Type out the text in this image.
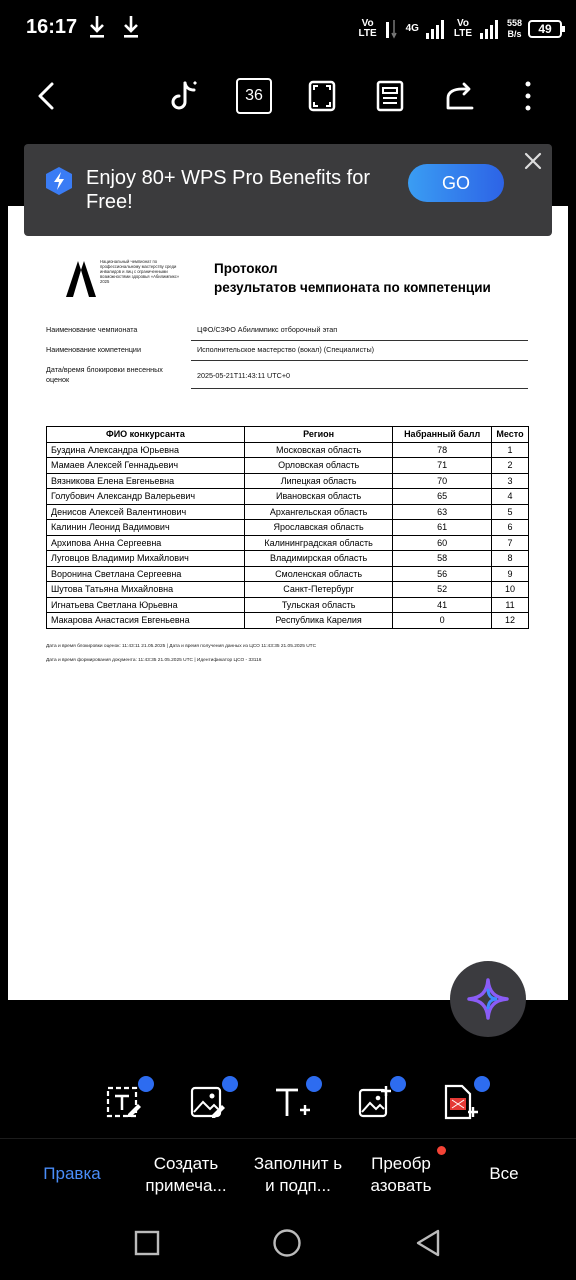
16:17	Vo LTE	4G	Vo LTE
558
B/s	49
36
Национальный чемпионат по профессиональному мастерству среди инвалидов и лиц с ограниченными возможностями здоровья «Абилимпикс» 2025
Протокол
результатов чемпионата по компетенции
Наименование чемпионата	ЦФО/СЗФО Абилимпикс отборочный этап
Наименование компетенции	Исполнительское мастерство (вокал) (Специалисты)
Дата/время блокировки внесенных оценок	2025-05-21T11:43:11 UTC+0
ФИО конкурсанта	Регион	Набранный балл	Место
Буздина Александра Юрьевна	Московская область	78	1
Мамаев Алексей Геннадьевич	Орловская область	71	2
Вязникова Елена Евгеньевна	Липецкая область	70	3
Голубович Александр Валерьевич	Ивановская область	65	4
Денисов Алексей Валентинович	Архангельская область	63	5
Калинин Леонид Вадимович	Ярославская область	61	6
Архипова Анна Сергеевна	Калининградская область	60	7
Луговцов Владимир Михайлович	Владимирская область	58	8
Воронина Светлана Сергеевна	Смоленская область	56	9
Шутова Татьяна Михайловна	Санкт-Петербург	52	10
Игнатьева Светлана Юрьевна	Тульская область	41	11
Макарова Анастасия Евгеньевна	Республика Карелия	0	12
Дата и время блокировки оценок: 11:43:11 21.05.2025 | Дата и время получения данных из ЦСО 11:43:35 21.05.2025 UTC
Дата и время формирования документа: 11:43:35 21.05.2025 UTC | Идентификатор ЦСО - 33116
Enjoy 80+ WPS Pro Benefits for Free!
GO
Правка
Создать примеча...
Заполнит ь и подп...
Преобр азовать
Все
